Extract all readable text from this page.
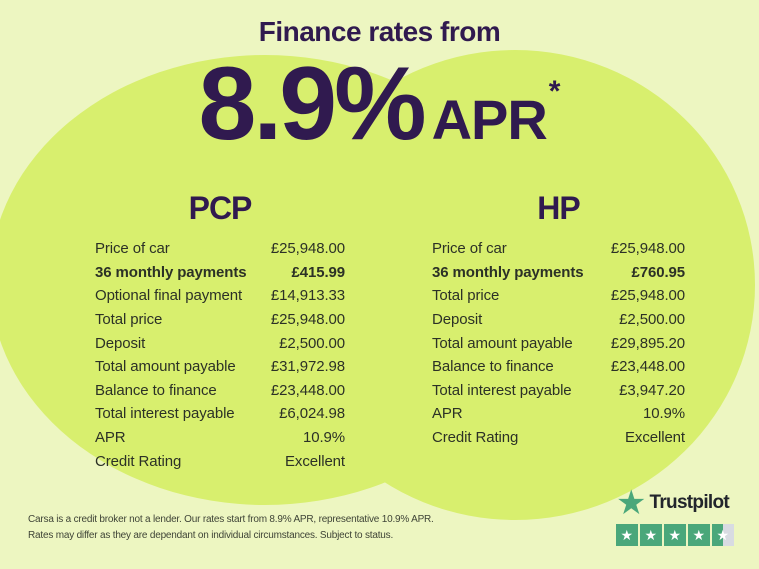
Finance rates from
8.9% APR*
PCP	HP
Price of car	£25,948.00
36 monthly payments	£415.99
Optional final payment £14,913.33
Total price	£25,948.00
Deposit	£2,500.00
Total amount payable £31,972.98
Balance to finance	£23,448.00
Total interest payable	£6,024.98
APR	10.9%
Credit Rating	Excellent
Price of car	£25,948.00
36 monthly payments	£760.95
Total price	£25,948.00
Deposit	£2,500.00
Total amount payable	£29,895.20
Balance to finance	£23,448.00
Total interest payable	£3,947.20
APR	10.9%
Credit Rating	Excellent
Carsa is a credit broker not a lender. Our rates start from 8.9% APR, representative 10.9% APR.
Rates may differ as they are dependant on individual circumstances. Subject to status.
★ Trustpilot
★ ★ ★ ★ ★
